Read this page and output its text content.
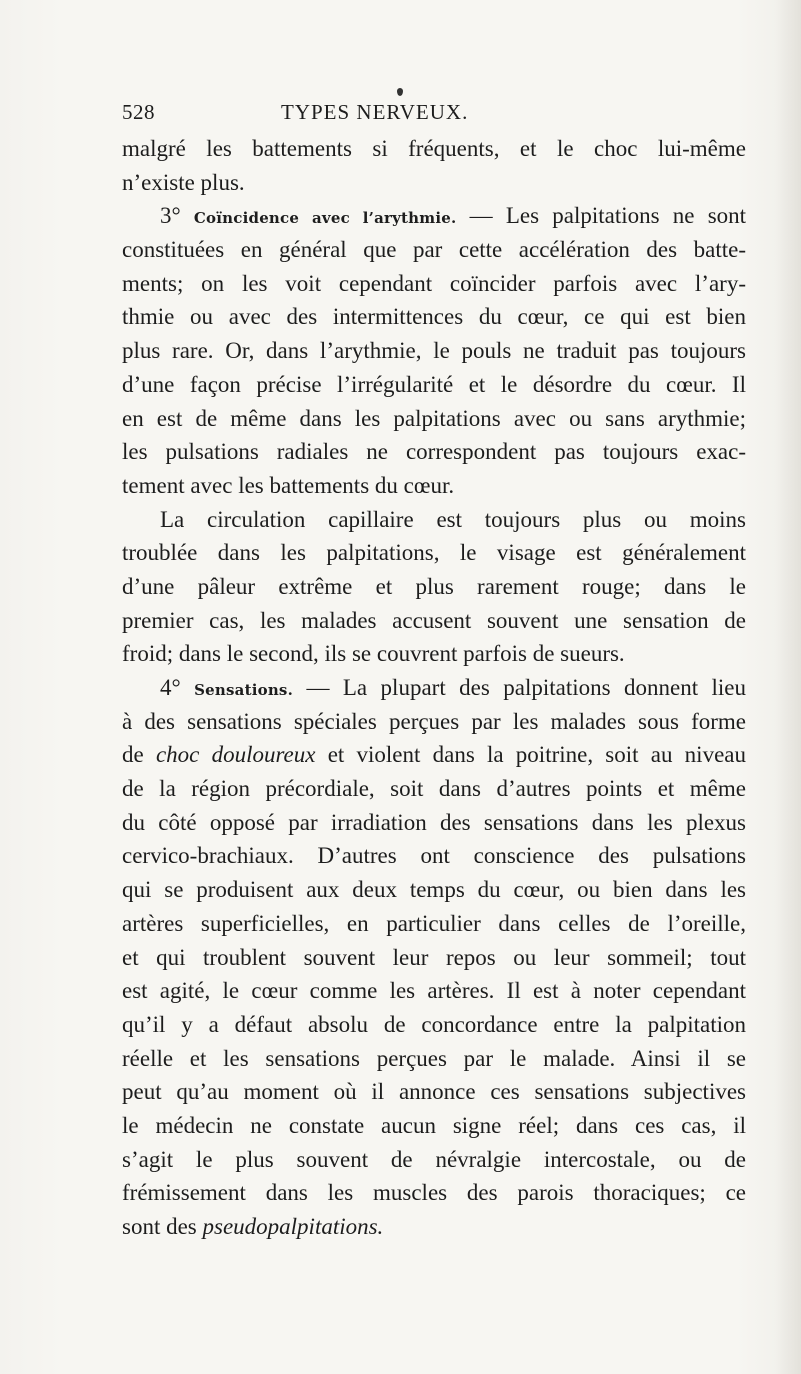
528	TYPES NERVEUX.
malgré les battements si fréquents, et le choc lui-même
n’existe plus.
3° Coïncidence avec l’arythmie. — Les palpitations ne sont
constituées en général que par cette accélération des batte-
ments; on les voit cependant coïncider parfois avec l’ary-
thmie ou avec des intermittences du cœur, ce qui est bien
plus rare. Or, dans l’arythmie, le pouls ne traduit pas toujours
d’une façon précise l’irrégularité et le désordre du cœur. Il
en est de même dans les palpitations avec ou sans arythmie;
les pulsations radiales ne correspondent pas toujours exac-
tement avec les battements du cœur.
La circulation capillaire est toujours plus ou moins
troublée dans les palpitations, le visage est généralement
d’une pâleur extrême et plus rarement rouge; dans le
premier cas, les malades accusent souvent une sensation de
froid; dans le second, ils se couvrent parfois de sueurs.
4° Sensations. — La plupart des palpitations donnent lieu
à des sensations spéciales perçues par les malades sous forme
de choc douloureux et violent dans la poitrine, soit au niveau
de la région précordiale, soit dans d’autres points et même
du côté opposé par irradiation des sensations dans les plexus
cervico-brachiaux. D’autres ont conscience des pulsations
qui se produisent aux deux temps du cœur, ou bien dans les
artères superficielles, en particulier dans celles de l’oreille,
et qui troublent souvent leur repos ou leur sommeil; tout
est agité, le cœur comme les artères. Il est à noter cependant
qu’il y a défaut absolu de concordance entre la palpitation
réelle et les sensations perçues par le malade. Ainsi il se
peut qu’au moment où il annonce ces sensations subjectives
le médecin ne constate aucun signe réel; dans ces cas, il
s’agit le plus souvent de névralgie intercostale, ou de
frémissement dans les muscles des parois thoraciques; ce
sont des pseudopalpitations.
